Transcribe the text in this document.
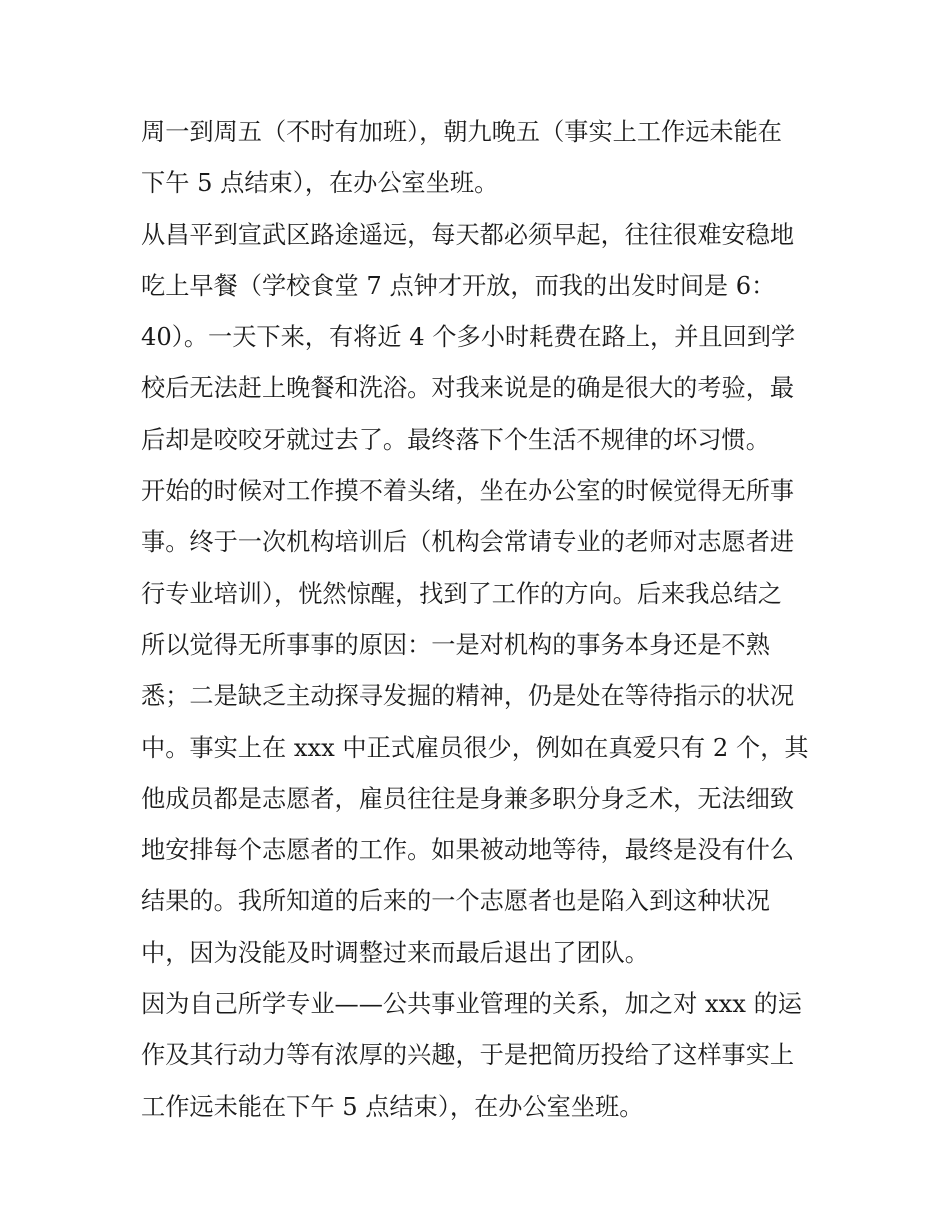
周一到周五（不时有加班），朝九晚五（事实上工作远未能在
下午 5 点结束），在办公室坐班。
从昌平到宣武区路途遥远，每天都必须早起，往往很难安稳地
吃上早餐（学校食堂 7 点钟才开放，而我的出发时间是 6：
40）。一天下来，有将近 4 个多小时耗费在路上，并且回到学
校后无法赶上晚餐和洗浴。对我来说是的确是很大的考验，最
后却是咬咬牙就过去了。最终落下个生活不规律的坏习惯。
开始的时候对工作摸不着头绪，坐在办公室的时候觉得无所事
事。终于一次机构培训后（机构会常请专业的老师对志愿者进
行专业培训），恍然惊醒，找到了工作的方向。后来我总结之
所以觉得无所事事的原因：一是对机构的事务本身还是不熟
悉；二是缺乏主动探寻发掘的精神，仍是处在等待指示的状况
中。事实上在 xxx 中正式雇员很少，例如在真爱只有 2 个，其
他成员都是志愿者，雇员往往是身兼多职分身乏术，无法细致
地安排每个志愿者的工作。如果被动地等待，最终是没有什么
结果的。我所知道的后来的一个志愿者也是陷入到这种状况
中，因为没能及时调整过来而最后退出了团队。
因为自己所学专业——公共事业管理的关系，加之对 xxx 的运
作及其行动力等有浓厚的兴趣，于是把简历投给了这样事实上
工作远未能在下午 5 点结束），在办公室坐班。
